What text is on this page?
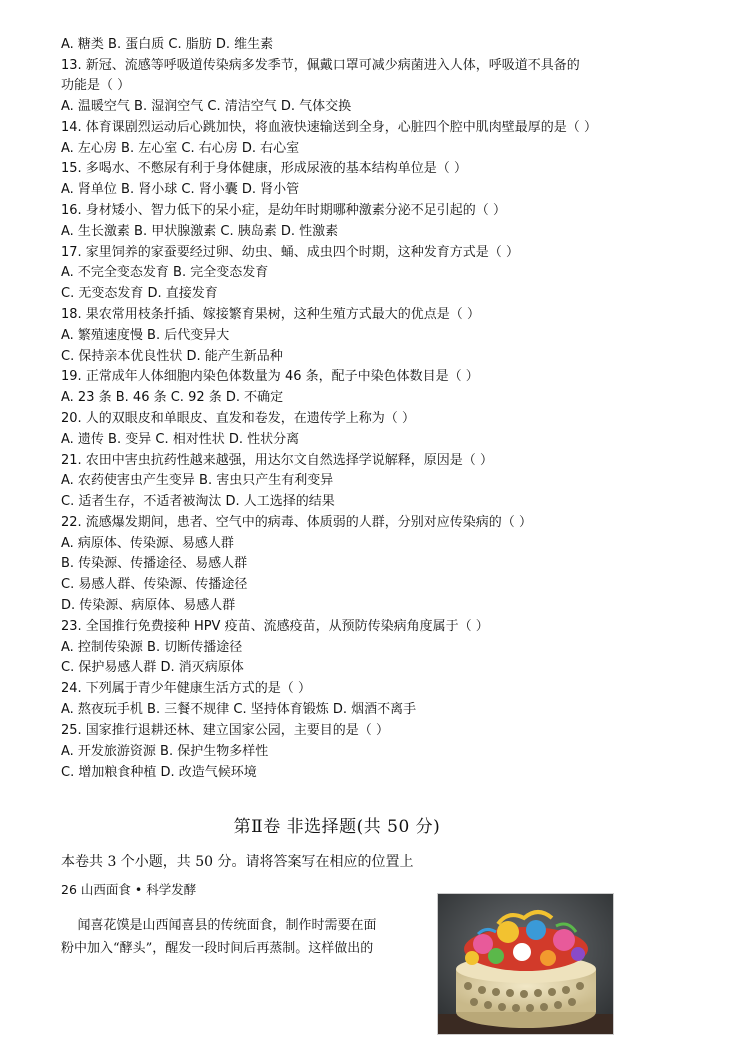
A. 糖类 B. 蛋白质 C. 脂肪 D. 维生素
13. 新冠、流感等呼吸道传染病多发季节，佩戴口罩可减少病菌进入人体，呼吸道不具备的
功能是（ ）
A. 温暖空气 B. 湿润空气 C. 清洁空气 D. 气体交换
14. 体育课剧烈运动后心跳加快，将血液快速输送到全身，心脏四个腔中肌肉壁最厚的是（ ）
A. 左心房 B. 左心室 C. 右心房 D. 右心室
15. 多喝水、不憋尿有利于身体健康，形成尿液的基本结构单位是（ ）
A. 肾单位 B. 肾小球 C. 肾小囊 D. 肾小管
16. 身材矮小、智力低下的呆小症，是幼年时期哪种激素分泌不足引起的（ ）
A. 生长激素 B. 甲状腺激素 C. 胰岛素 D. 性激素
17. 家里饲养的家蚕要经过卵、幼虫、蛹、成虫四个时期，这种发育方式是（ ）
A. 不完全变态发育 B. 完全变态发育
C. 无变态发育 D. 直接发育
18. 果农常用枝条扦插、嫁接繁育果树，这种生殖方式最大的优点是（ ）
A. 繁殖速度慢 B. 后代变异大
C. 保持亲本优良性状 D. 能产生新品种
19. 正常成年人体细胞内染色体数量为 46 条，配子中染色体数目是（ ）
A. 23 条 B. 46 条 C. 92 条 D. 不确定
20. 人的双眼皮和单眼皮、直发和卷发，在遗传学上称为（ ）
A. 遗传 B. 变异 C. 相对性状 D. 性状分离
21. 农田中害虫抗药性越来越强，用达尔文自然选择学说解释，原因是（ ）
A. 农药使害虫产生变异 B. 害虫只产生有利变异
C. 适者生存，不适者被淘汰 D. 人工选择的结果
22. 流感爆发期间，患者、空气中的病毒、体质弱的人群，分别对应传染病的（ ）
A. 病原体、传染源、易感人群
B. 传染源、传播途径、易感人群
C. 易感人群、传染源、传播途径
D. 传染源、病原体、易感人群
23. 全国推行免费接种 HPV 疫苗、流感疫苗，从预防传染病角度属于（ ）
A. 控制传染源 B. 切断传播途径
C. 保护易感人群 D. 消灭病原体
24. 下列属于青少年健康生活方式的是（ ）
A. 熬夜玩手机 B. 三餐不规律 C. 坚持体育锻炼 D. 烟酒不离手
25. 国家推行退耕还林、建立国家公园，主要目的是（ ）
A. 开发旅游资源 B. 保护生物多样性
C. 增加粮食种植 D. 改造气候环境
第Ⅱ卷 非选择题(共 50 分)
本卷共 3 个小题，共 50 分。请将答案写在相应的位置上
26 山西面食 • 科学发酵
闻喜花馍是山西闻喜县的传统面食，制作时需要在面
粉中加入“酵头”，醒发一段时间后再蒸制。这样做出的
